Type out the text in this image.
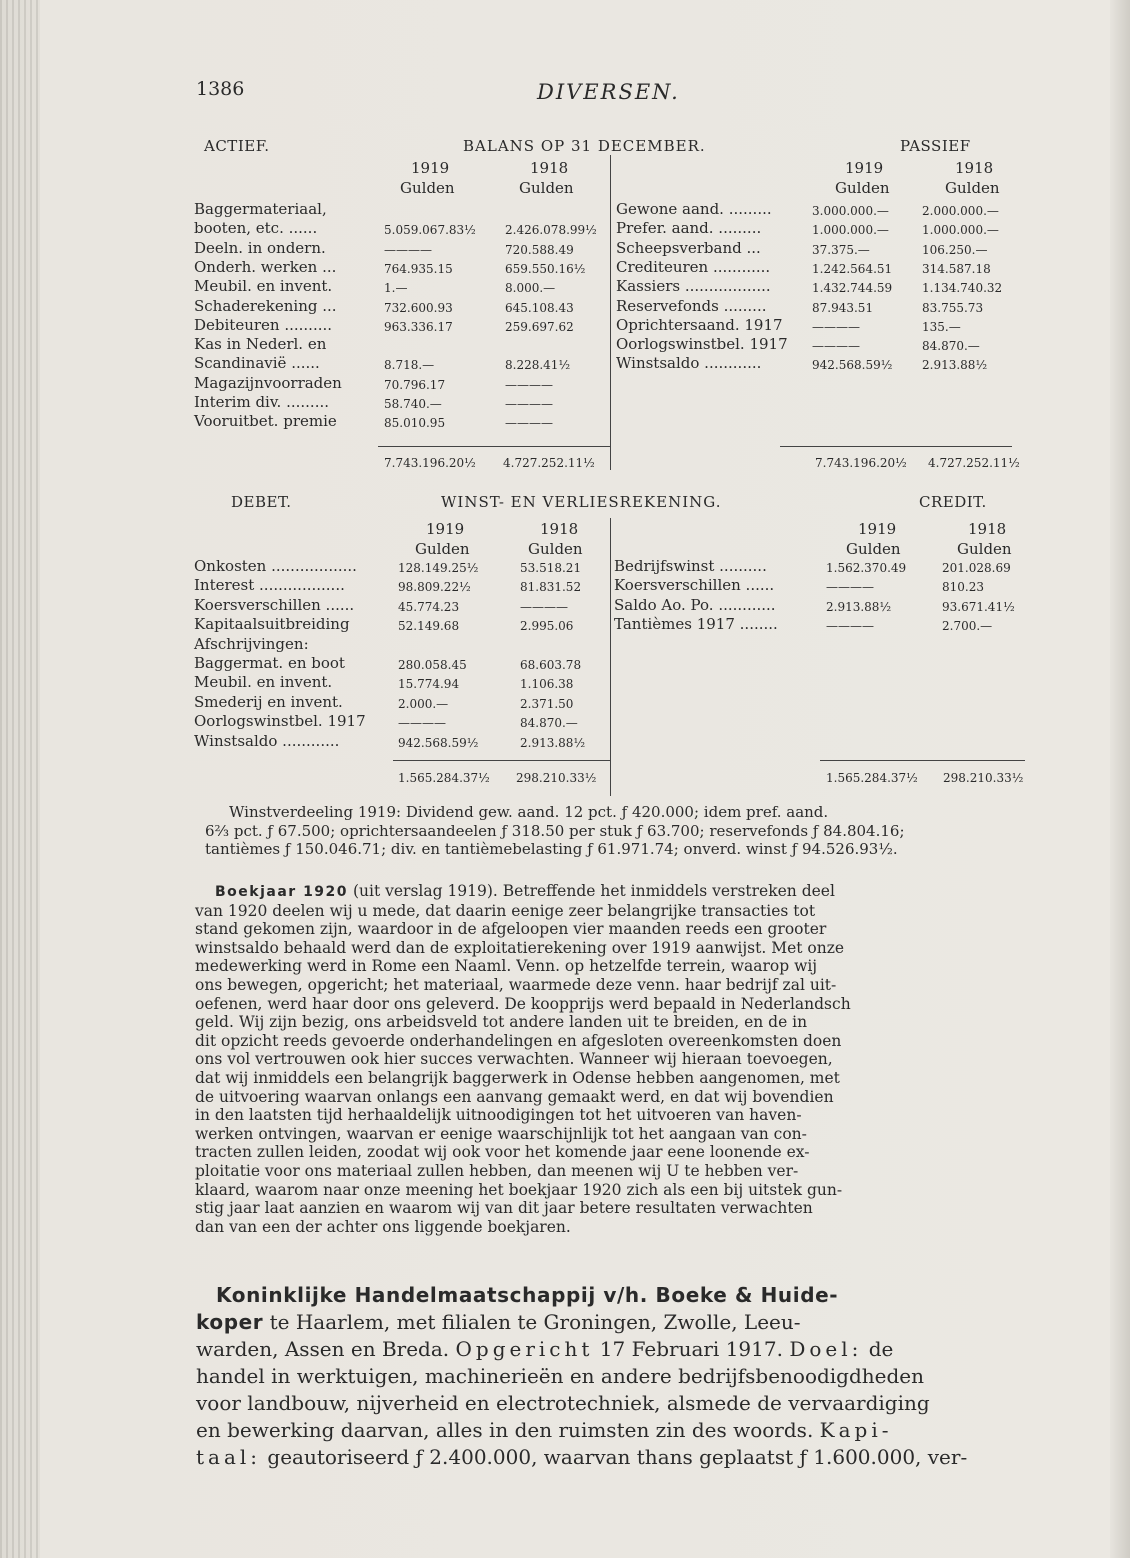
1386	DIVERSEN.
ACTIEF.	BALANS OP 31 DECEMBER.	PASSIEF
1919	1918
Gulden	Gulden
1919	1918
Gulden	Gulden
Baggermateriaal,
booten, etc. ......	5.059.067.83½ 2.426.078.99½
Deeln. in ondern.	————	720.588.49
Onderh. werken ...	764.935.15	659.550.16½
Meubil. en invent.	1.—	8.000.—
Schaderekening ...	732.600.93	645.108.43
Debiteuren ..........	963.336.17	259.697.62
Kas in Nederl. en
Scandinavië ......	8.718.—	8.228.41½
Magazijnvoorraden	70.796.17	————
Interim div. .........	58.740.—	————
Vooruitbet. premie	85.010.95	————
Gewone aand. .........	3.000.000.—	2.000.000.—
Prefer. aand. .........	1.000.000.—	1.000.000.—
Scheepsverband ...	37.375.—	106.250.—
Crediteuren ............	1.242.564.51 314.587.18
Kassiers ..................	1.432.744.59 1.134.740.32
Reservefonds .........	87.943.51	83.755.73
Oprichtersaand. 1917 ————	135.—
Oorlogswinstbel. 1917 ————	84.870.—
Winstsaldo ............	942.568.59½ 2.913.88½
7.743.196.20½ 4.727.252.11½	7.743.196.20½ 4.727.252.11½
DEBET.	WINST- EN VERLIESREKENING.	CREDIT.
1919	1918
Gulden	Gulden
1919	1918
Gulden	Gulden
Onkosten ..................	128.149.25½	53.518.21
Interest ..................	98.809.22½	81.831.52
Koersverschillen ......	45.774.23	————
Kapitaalsuitbreiding	52.149.68	2.995.06
Afschrijvingen:
Baggermat. en boot	280.058.45	68.603.78
Meubil. en invent.	15.774.94	1.106.38
Smederij en invent.	2.000.—	2.371.50
Oorlogswinstbel. 1917	————	84.870.—
Winstsaldo ............	942.568.59½	2.913.88½
Bedrijfswinst ..........	1.562.370.49	201.028.69
Koersverschillen ......	————	810.23
Saldo Ao. Po. ............	2.913.88½	93.671.41½
Tantièmes 1917 ........	————	2.700.—
1.565.284.37½ 298.210.33½	1.565.284.37½ 298.210.33½
Winstverdeeling 1919: Dividend gew. aand. 12 pct. ƒ 420.000; idem pref. aand.
6⅔ pct. ƒ 67.500; oprichtersaandeelen ƒ 318.50 per stuk ƒ 63.700; reservefonds ƒ 84.804.16;
tantièmes ƒ 150.046.71; div. en tantièmebelasting ƒ 61.971.74; onverd. winst ƒ 94.526.93½.
Boekjaar 1920 (uit verslag 1919). Betreffende het inmiddels verstreken deel
van 1920 deelen wij u mede, dat daarin eenige zeer belangrijke transacties tot
stand gekomen zijn, waardoor in de afgeloopen vier maanden reeds een grooter
winstsaldo behaald werd dan de exploitatierekening over 1919 aanwijst. Met onze
medewerking werd in Rome een Naaml. Venn. op hetzelfde terrein, waarop wij
ons bewegen, opgericht; het materiaal, waarmede deze venn. haar bedrijf zal uit-
oefenen, werd haar door ons geleverd. De koopprijs werd bepaald in Nederlandsch
geld. Wij zijn bezig, ons arbeidsveld tot andere landen uit te breiden, en de in
dit opzicht reeds gevoerde onderhandelingen en afgesloten overeenkomsten doen
ons vol vertrouwen ook hier succes verwachten. Wanneer wij hieraan toevoegen,
dat wij inmiddels een belangrijk baggerwerk in Odense hebben aangenomen, met
de uitvoering waarvan onlangs een aanvang gemaakt werd, en dat wij bovendien
in den laatsten tijd herhaaldelijk uitnoodigingen tot het uitvoeren van haven-
werken ontvingen, waarvan er eenige waarschijnlijk tot het aangaan van con-
tracten zullen leiden, zoodat wij ook voor het komende jaar eene loonende ex-
ploitatie voor ons materiaal zullen hebben, dan meenen wij U te hebben ver-
klaard, waarom naar onze meening het boekjaar 1920 zich als een bij uitstek gun-
stig jaar laat aanzien en waarom wij van dit jaar betere resultaten verwachten
dan van een der achter ons liggende boekjaren.
Koninklijke Handelmaatschappij v/h. Boeke & Huide-
koper te Haarlem, met filialen te Groningen, Zwolle, Leeu-
warden, Assen en Breda. Opgericht 17 Februari 1917. Doel: de
handel in werktuigen, machinerieën en andere bedrijfsbenoodigdheden
voor landbouw, nijverheid en electrotechniek, alsmede de vervaardiging
en bewerking daarvan, alles in den ruimsten zin des woords. Kapi-
taal: geautoriseerd ƒ 2.400.000, waarvan thans geplaatst ƒ 1.600.000, ver-
